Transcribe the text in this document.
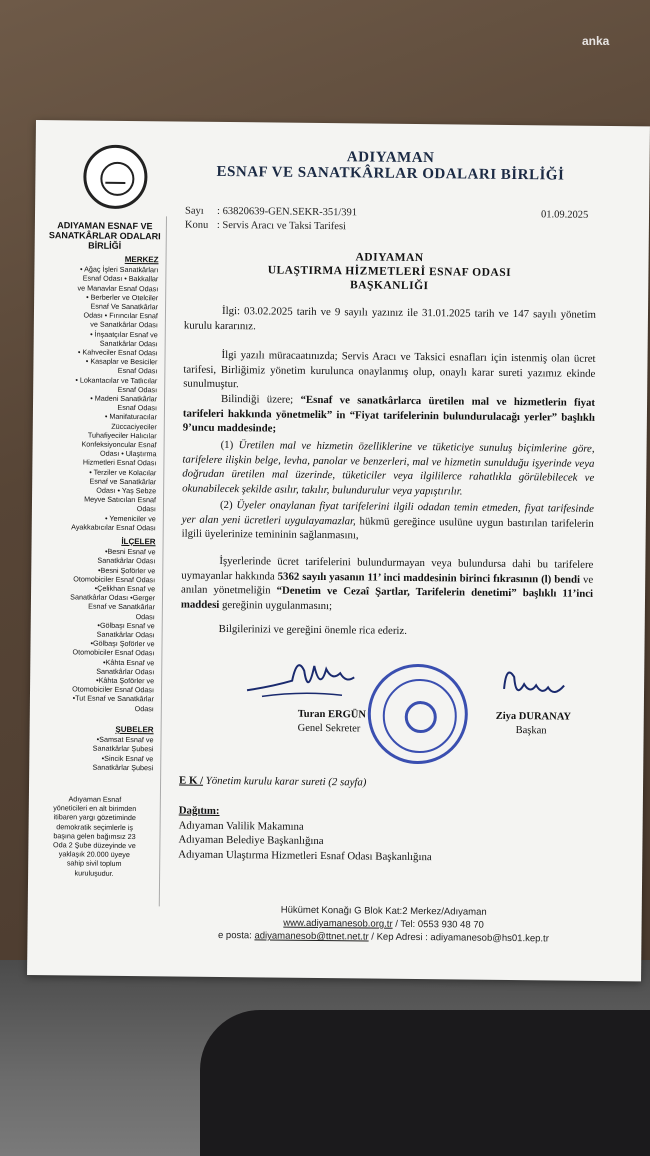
anka
ADIYAMAN ESNAF VE SANATKÂRLAR ODALARI BİRLİĞİ
MERKEZ
• Ağaç İşleri Sanatkârları
Esnaf Odası • Bakkallar
ve Manavlar Esnaf Odası
• Berberler ve Otelciler
Esnaf Ve Sanatkârlar
Odası • Fırıncılar Esnaf
ve Sanatkârlar Odası
• İnşaatçılar Esnaf ve
Sanatkârlar Odası
• Kahveciler Esnaf Odası
• Kasaplar ve Besiciler
Esnaf Odası
• Lokantacılar ve Tatlıcılar
Esnaf Odası
• Madeni Sanatkârlar
Esnaf Odası
• Manifaturacılar
Züccaciyeciler
Tuhafiyeciler Halıcılar
Konfeksiyoncular Esnaf
Odası • Ulaştırma
Hizmetleri Esnaf Odası
• Terziler ve Kolacılar
Esnaf ve Sanatkârlar
Odası • Yaş Sebze
Meyve Satıcıları Esnaf
Odası
• Yemeniciler ve
Ayakkabıcılar Esnaf Odası
İLÇELER
•Besni Esnaf ve
Sanatkârlar Odası
•Besni Şoförler ve
Otomobiciler Esnaf Odası
•Çelikhan Esnaf ve
Sanatkârlar Odası •Gerger
Esnaf ve Sanatkârlar
Odası
•Gölbaşı Esnaf ve
Sanatkârlar Odası
•Gölbaşı Şoförler ve
Otomobiciler Esnaf Odası
•Kâhta Esnaf ve
Sanatkârlar Odası
•Kâhta Şoförler ve
Otomobiciler Esnaf Odası
•Tut Esnaf ve Sanatkârlar
Odası
ŞUBELER
•Samsat Esnaf ve
Sanatkârlar Şubesi
•Sincik Esnaf ve
Sanatkârlar Şubesi
Adıyaman Esnaf
yöneticileri en alt birimden
itibaren yargı gözetiminde
demokratik seçimlerle iş
başına gelen bağımsız 23
Oda 2 Şube düzeyinde ve
yaklaşık 20.000 üyeye
sahip sivil toplum
kuruluşudur.
ADIYAMAN
ESNAF VE SANATKÂRLAR ODALARI BİRLİĞİ
Sayı : 63820639-GEN.SEKR-351/391	01.09.2025
Konu : Servis Aracı ve Taksi Tarifesi
ADIYAMAN
ULAŞTIRMA HİZMETLERİ ESNAF ODASI
BAŞKANLIĞI
İlgi: 03.02.2025 tarih ve 9 sayılı yazınız ile 31.01.2025 tarih ve 147 sayılı yönetim kurulu kararınız.
İlgi yazılı müracaatınızda; Servis Aracı ve Taksici esnafları için istenmiş olan ücret tarifesi, Birliğimiz yönetim kurulunca onaylanmış olup, onaylı karar sureti yazımız ekinde sunulmuştur.
Bilindiği üzere; “Esnaf ve sanatkârlarca üretilen mal ve hizmetlerin fiyat tarifeleri hakkında yönetmelik” in “Fiyat tarifelerinin bulundurulacağı yerler” başlıklı 9’uncu maddesinde;
(1) Üretilen mal ve hizmetin özelliklerine ve tüketiciye sunuluş biçimlerine göre, tarifelere ilişkin belge, levha, panolar ve benzerleri, mal ve hizmetin sunulduğu işyerinde veya doğrudan üretilen mal üzerinde, tüketiciler veya ilgililerce rahatlıkla görülebilecek ve okunabilecek şekilde asılır, takılır, bulundurulur veya yapıştırılır.
(2) Üyeler onaylanan fiyat tarifelerini ilgili odadan temin etmeden, fiyat tarifesinde yer alan yeni ücretleri uygulayamazlar, hükmü gereğince usulüne uygun bastırılan tarifelerin ilgili üyelerinize temininin sağlanmasını,
İşyerlerinde ücret tarifelerini bulundurmayan veya bulundursa dahi bu tarifelere uymayanlar hakkında 5362 sayılı yasanın 11’ inci maddesinin birinci fıkrasının (l) bendi ve anılan yönetmeliğin “Denetim ve Cezaî Şartlar, Tarifelerin denetimi” başlıklı 11’inci maddesi gereğinin uygulanmasını;
Bilgilerinizi ve gereğini önemle rica ederiz.
Turan ERGÜN
Genel Sekreter
Ziya DURANAY
Başkan
E K / Yönetim kurulu karar sureti (2 sayfa)
Dağıtım:
Adıyaman Valilik Makamına
Adıyaman Belediye Başkanlığına
Adıyaman Ulaştırma Hizmetleri Esnaf Odası Başkanlığına
Hükümet Konağı G Blok Kat:2 Merkez/Adıyaman
www.adiyamanesob.org.tr / Tel: 0553 930 48 70
e posta: adiyamanesob@ttnet.net.tr / Kep Adresi : adiyamanesob@hs01.kep.tr
